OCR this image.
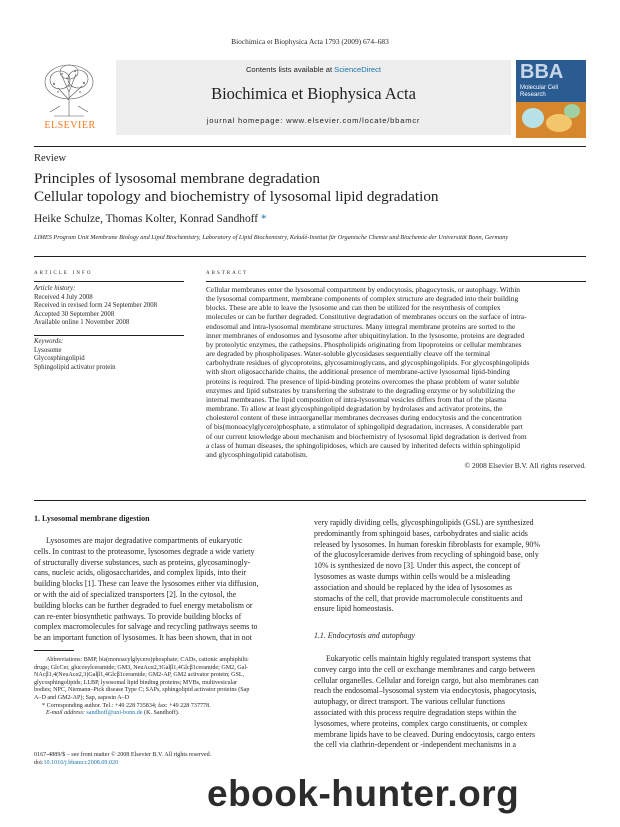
Biochimica et Biophysica Acta 1793 (2009) 674–683
ELSEVIER
Contents lists available at ScienceDirect
Biochimica et Biophysica Acta
journal homepage: www.elsevier.com/locate/bbamcr
BBA
Molecular Cell Research
Review
Principles of lysosomal membrane degradation
Cellular topology and biochemistry of lysosomal lipid degradation
Heike Schulze, Thomas Kolter, Konrad Sandhoff *
LIMES Program Unit Membrane Biology and Lipid Biochemistry, Laboratory of Lipid Biochemistry, Kekulé-Institut für Organische Chemie und Biochemie der Universität Bonn, Germany
article info
Article history:
Received 4 July 2008
Received in revised form 24 September 2008
Accepted 30 September 2008
Available online 1 November 2008
Keywords:
Lysosome
Glycosphingolipid
Sphingolipid activator protein
abstract
Cellular membranes enter the lysosomal compartment by endocytosis, phagocytosis, or autophagy. Within
the lysosomal compartment, membrane components of complex structure are degraded into their building
blocks. These are able to leave the lysosome and can then be utilized for the resynthesis of complex
molecules or can be further degraded. Constitutive degradation of membranes occurs on the surface of intra-
endosomal and intra-lysosomal membrane structures. Many integral membrane proteins are sorted to the
inner membranes of endosomes and lysosome after ubiquitinylation. In the lysosome, proteins are degraded
by proteolytic enzymes, the cathepsins. Phospholipids originating from lipoproteins or cellular membranes
are degraded by phospholipases. Water-soluble glycosidases sequentially cleave off the terminal
carbohydrate residues of glycoproteins, glycosaminoglycans, and glycosphingolipids. For glycosphingolipids
with short oligosaccharide chains, the additional presence of membrane-active lysosomal lipid-binding
proteins is required. The presence of lipid-binding proteins overcomes the phase problem of water soluble
enzymes and lipid substrates by transferring the substrate to the degrading enzyme or by solubilizing the
internal membranes. The lipid composition of intra-lysosomal vesicles differs from that of the plasma
membrane. To allow at least glycosphingolipid degradation by hydrolases and activator proteins, the
cholesterol content of these intraorganellar membranes decreases during endocytosis and the concentration
of bis(monoacylglycero)phosphate, a stimulator of sphingolipid degradation, increases. A considerable part
of our current knowledge about mechanism and biochemistry of lysosomal lipid degradation is derived from
a class of human diseases, the sphingolipidoses, which are caused by inherited defects within sphingolipid
and glycosphingolipid catabolism.
© 2008 Elsevier B.V. All rights reserved.
1. Lysosomal membrane digestion
Lysosomes are major degradative compartments of eukaryotic
cells. In contrast to the proteasome, lysosomes degrade a wide variety
of structurally diverse substances, such as proteins, glycosaminogly-
cans, nucleic acids, oligosaccharides, and complex lipids, into their
building blocks [1]. These can leave the lysosomes either via diffusion,
or with the aid of specialized transporters [2]. In the cytosol, the
building blocks can be further degraded to fuel energy metabolism or
can re-enter biosynthetic pathways. To provide building blocks of
complex macromolecules for salvage and recycling pathways seems to
be an important function of lysosomes. It has been shown, that in not
Abbreviations: BMP, bis(monoacylglycero)phosphate; CADs, cationic amphiphilic
drugs; GlcCer, glucosylceramide; GM3, NeuAcα2,3Galβ1,4Glcβ1ceramide; GM2, Gal-
NAcβ1,4(NeuAcα2,3)Galβ1,4Glcβ1ceramide; GM2-AP, GM2 activator protein; GSL,
glycosphingolipids; LLBP, lysosomal lipid binding proteins; MVBs, multivesicular
bodies; NPC, Niemann–Pick disease Type C; SAPs, sphingolipid activator proteins (Sap
A–D and GM2-AP); Sap, saposin A–D
* Corresponding author. Tel.: +49 228 735834; fax: +49 228 737778.
E-mail address: sandhoff@uni-bonn.de (K. Sandhoff).
0167-4889/$ – see front matter © 2008 Elsevier B.V. All rights reserved.
doi:10.1016/j.bbamcr.2008.09.020
very rapidly dividing cells, glycosphingolipids (GSL) are synthesized
predominantly from sphingoid bases, carbohydrates and sialic acids
released by lysosomes. In human foreskin fibroblasts for example, 90%
of the glucosylceramide derives from recycling of sphingoid base, only
10% is synthesized de novo [3]. Under this aspect, the concept of
lysosomes as waste dumps within cells would be a misleading
association and should be replaced by the idea of lysosomes as
stomachs of the cell, that provide macromolecule constituents and
ensure lipid homeostasis.
1.1. Endocytosis and autophagy
Eukaryotic cells maintain highly regulated transport systems that
convey cargo into the cell or exchange membranes and cargo between
cellular organelles. Cellular and foreign cargo, but also membranes can
reach the endosomal–lysosomal system via endocytosis, phagocytosis,
autophagy, or direct transport. The various cellular functions
associated with this process require degradation steps within the
lysosomes, where proteins, complex cargo constituents, or complex
membrane lipids have to be cleaved. During endocytosis, cargo enters
the cell via clathrin-dependent or -independent mechanisms in a
ebook-hunter.org
